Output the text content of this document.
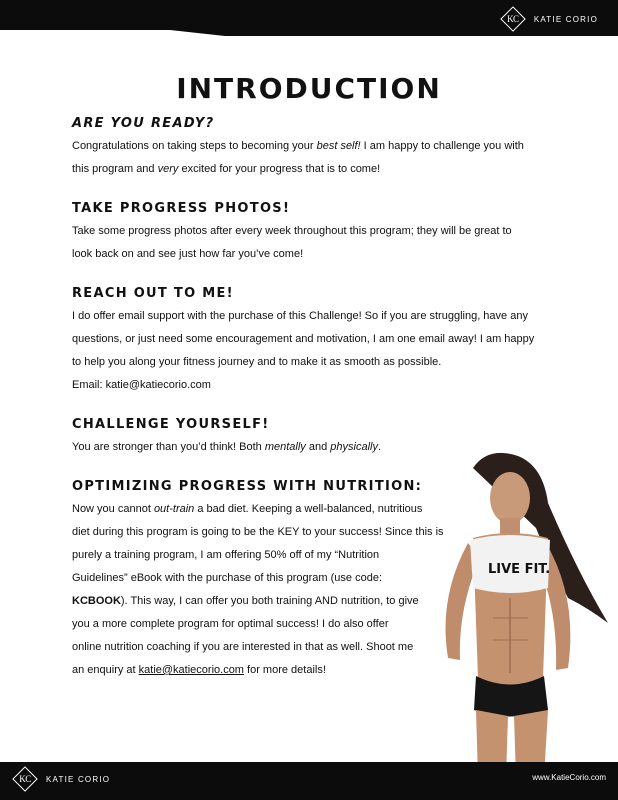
KC	KATIE CORIO
INTRODUCTION
ARE YOU READY?

Congratulations on taking steps to becoming your best self! I am happy to challenge you with
this program and very excited for your progress that is to come!

TAKE PROGRESS PHOTOS!

Take some progress photos after every week throughout this program; they will be great to
look back on and see just how far you’ve come!

REACH OUT TO ME!

I do offer email support with the purchase of this Challenge! So if you are struggling, have any
questions, or just need some encouragement and motivation, I am one email away! I am happy
to help you along your fitness journey and to make it as smooth as possible.
Email: katie@katiecorio.com

CHALLENGE YOURSELF!

You are stronger than you’d think! Both mentally and physically.

OPTIMIZING PROGRESS WITH NUTRITION:

Now you cannot out-train a bad diet. Keeping a well-balanced, nutritious
diet during this program is going to be the KEY to your success! Since this is
purely a training program, I am offering 50% off of my “Nutrition
Guidelines” eBook with the purchase of this program (use code:
KCBOOK). This way, I can offer you both training AND nutrition, to give
you a more complete program for optimal success! I do also offer
online nutrition coaching if you are interested in that as well. Shoot me
an enquiry at katie@katiecorio.com for more details!

LIVE FIT.
KC	KATIE CORIO	www.KatieCorio.com
